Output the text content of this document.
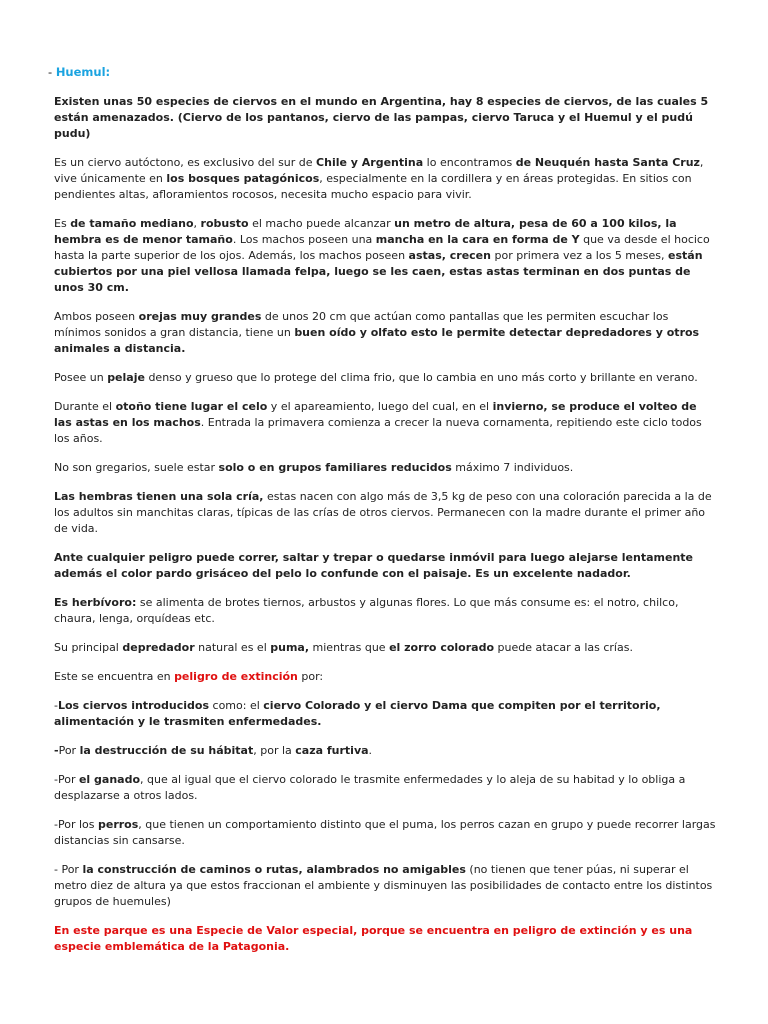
- Huemul:

Existen unas 50 especies de ciervos en el mundo en Argentina, hay 8 especies de ciervos, de las cuales 5 están amenazados. (Ciervo de los pantanos, ciervo de las pampas, ciervo Taruca y el Huemul y el pudú pudu)

Es un ciervo autóctono, es exclusivo del sur de Chile y Argentina lo encontramos de Neuquén hasta Santa Cruz, vive únicamente en los bosques patagónicos, especialmente en la cordillera y en áreas protegidas. En sitios con pendientes altas, afloramientos rocosos, necesita mucho espacio para vivir.

Es de tamaño mediano, robusto el macho puede alcanzar un metro de altura, pesa de 60 a 100 kilos, la hembra es de menor tamaño. Los machos poseen una mancha en la cara en forma de Y que va desde el hocico hasta la parte superior de los ojos. Además, los machos poseen astas, crecen por primera vez a los 5 meses, están cubiertos por una piel vellosa llamada felpa, luego se les caen, estas astas terminan en dos puntas de unos 30 cm.

Ambos poseen orejas muy grandes de unos 20 cm que actúan como pantallas que les permiten escuchar los mínimos sonidos a gran distancia, tiene un buen oído y olfato esto le permite detectar depredadores y otros animales a distancia.

Posee un pelaje denso y grueso que lo protege del clima frio, que lo cambia en uno más corto y brillante en verano.

Durante el otoño tiene lugar el celo y el apareamiento, luego del cual, en el invierno, se produce el volteo de las astas en los machos. Entrada la primavera comienza a crecer la nueva cornamenta, repitiendo este ciclo todos los años.

No son gregarios, suele estar solo o en grupos familiares reducidos máximo 7 individuos.

Las hembras tienen una sola cría, estas nacen con algo más de 3,5 kg de peso con una coloración parecida a la de los adultos sin manchitas claras, típicas de las crías de otros ciervos. Permanecen con la madre durante el primer año de vida.

Ante cualquier peligro puede correr, saltar y trepar o quedarse inmóvil para luego alejarse lentamente además el color pardo grisáceo del pelo lo confunde con el paisaje. Es un excelente nadador.

Es herbívoro: se alimenta de brotes tiernos, arbustos y algunas flores. Lo que más consume es: el notro, chilco, chaura, lenga, orquídeas etc.

Su principal depredador natural es el puma, mientras que el zorro colorado puede atacar a las crías.

Este se encuentra en peligro de extinción por:

-Los ciervos introducidos como: el ciervo Colorado y el ciervo Dama que compiten por el territorio, alimentación y le trasmiten enfermedades.

-Por la destrucción de su hábitat, por la caza furtiva.

-Por el ganado, que al igual que el ciervo colorado le trasmite enfermedades y lo aleja de su habitad y lo obliga a desplazarse a otros lados.

-Por los perros, que tienen un comportamiento distinto que el puma, los perros cazan en grupo y puede recorrer largas distancias sin cansarse.

- Por la construcción de caminos o rutas, alambrados no amigables (no tienen que tener púas, ni superar el metro diez de altura ya que estos fraccionan el ambiente y disminuyen las posibilidades de contacto entre los distintos grupos de huemules)

En este parque es una Especie de Valor especial, porque se encuentra en peligro de extinción y es una especie emblemática de la Patagonia.
